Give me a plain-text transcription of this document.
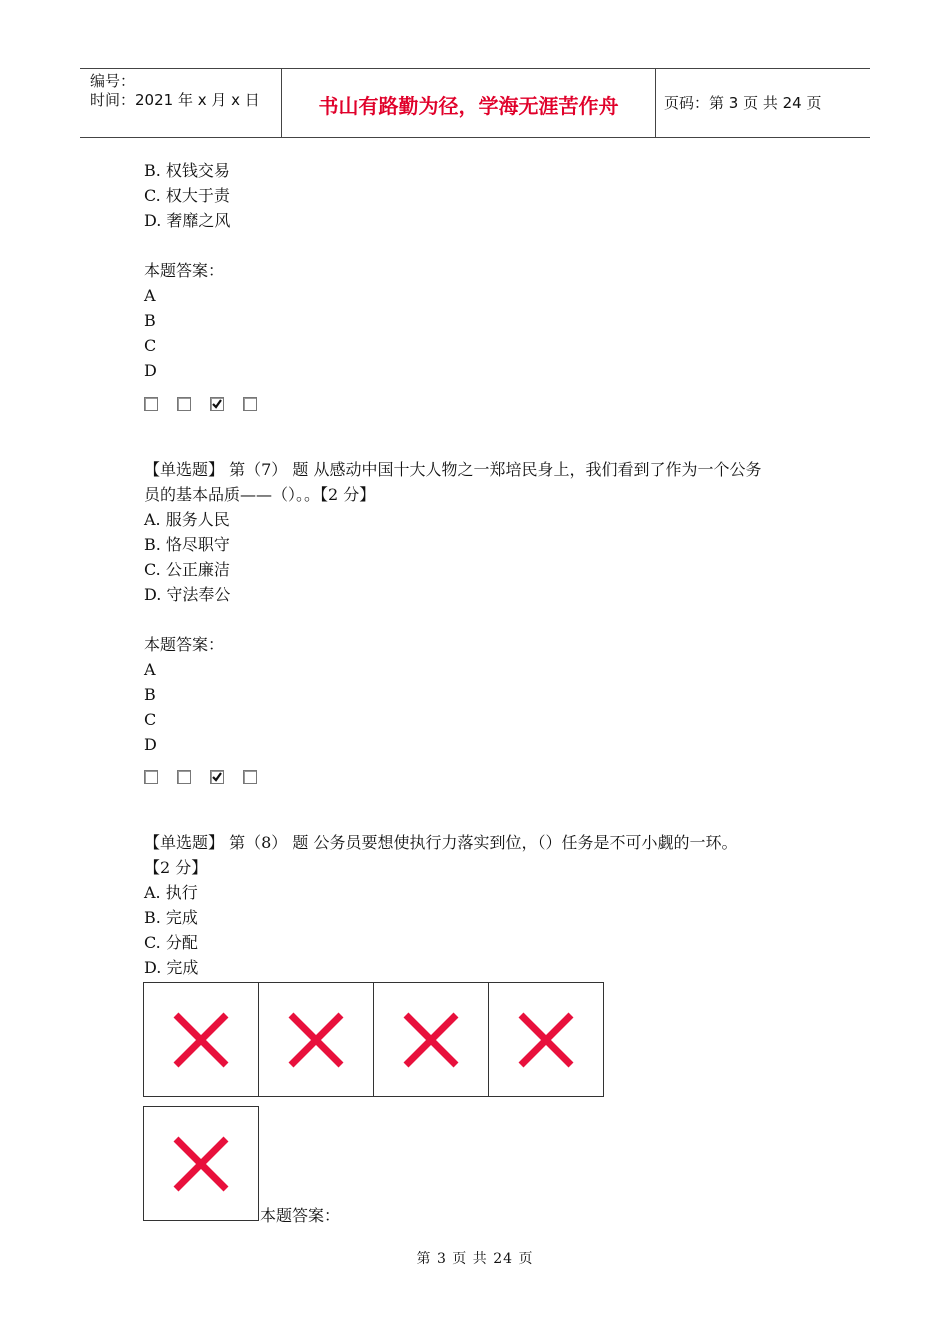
编号：
时间：2021 年 x 月 x 日	书山有路勤为径，学海无涯苦作舟	页码：第 3 页 共 24 页
B. 权钱交易
C. 权大于责
D. 奢靡之风
本题答案：
A
B
C
D
【单选题】 第（7） 题 从感动中国十大人物之一郑培民身上，我们看到了作为一个公务
员的基本品质——（）。。【2 分】
A. 服务人民
B. 恪尽职守
C. 公正廉洁
D. 守法奉公
本题答案：
A
B
C
D
【单选题】 第（8） 题 公务员要想使执行力落实到位，（）任务是不可小觑的一环。
【2 分】
A. 执行
B. 完成
C. 分配
D. 完成
本题答案：
第 3 页 共 24 页
